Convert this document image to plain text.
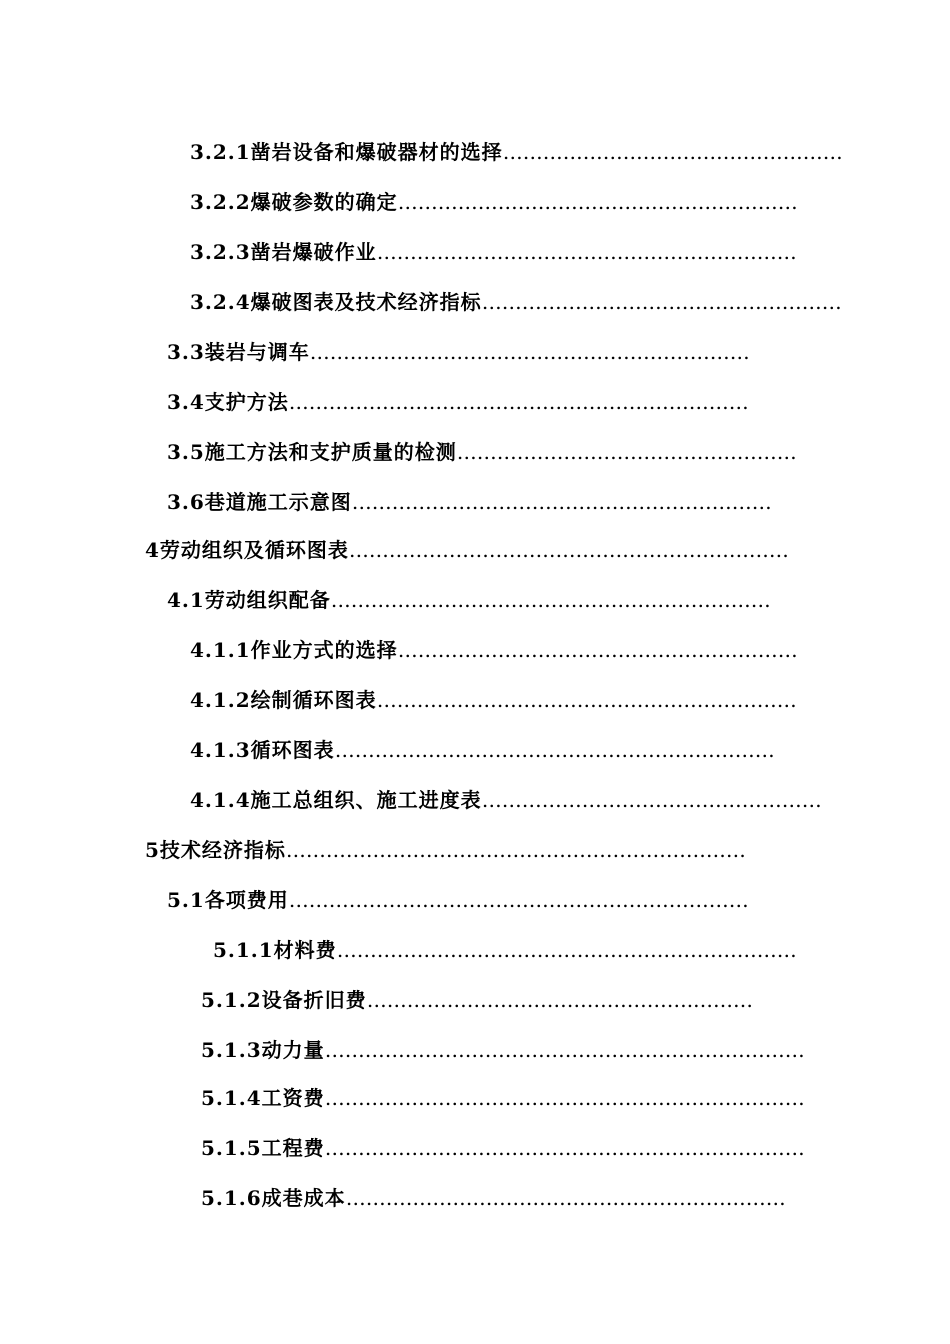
3.2.1凿岩设备和爆破器材的选择……………………………………………
3.2.2爆破参数的确定……………………………………………………
3.2.3凿岩爆破作业………………………………………………………
3.2.4爆破图表及技术经济指标………………………………………………
3.3装岩与调车…………………………………………………………
3.4支护方法……………………………………………………………
3.5施工方法和支护质量的检测……………………………………………
3.6巷道施工示意图………………………………………………………
4劳动组织及循环图表…………………………………………………………
4.1劳动组织配备…………………………………………………………
4.1.1作业方式的选择……………………………………………………
4.1.2绘制循环图表………………………………………………………
4.1.3循环图表…………………………………………………………
4.1.4施工总组织、施工进度表……………………………………………
5技术经济指标……………………………………………………………
5.1各项费用……………………………………………………………
5.1.1材料费……………………………………………………………
5.1.2设备折旧费………………………………………….………
5.1.3动力量………………………………………………………………
5.1.4工资费………………………………………………………………
5.1.5工程费………………………………………………………………
5.1.6成巷成本…………………………………………………………
